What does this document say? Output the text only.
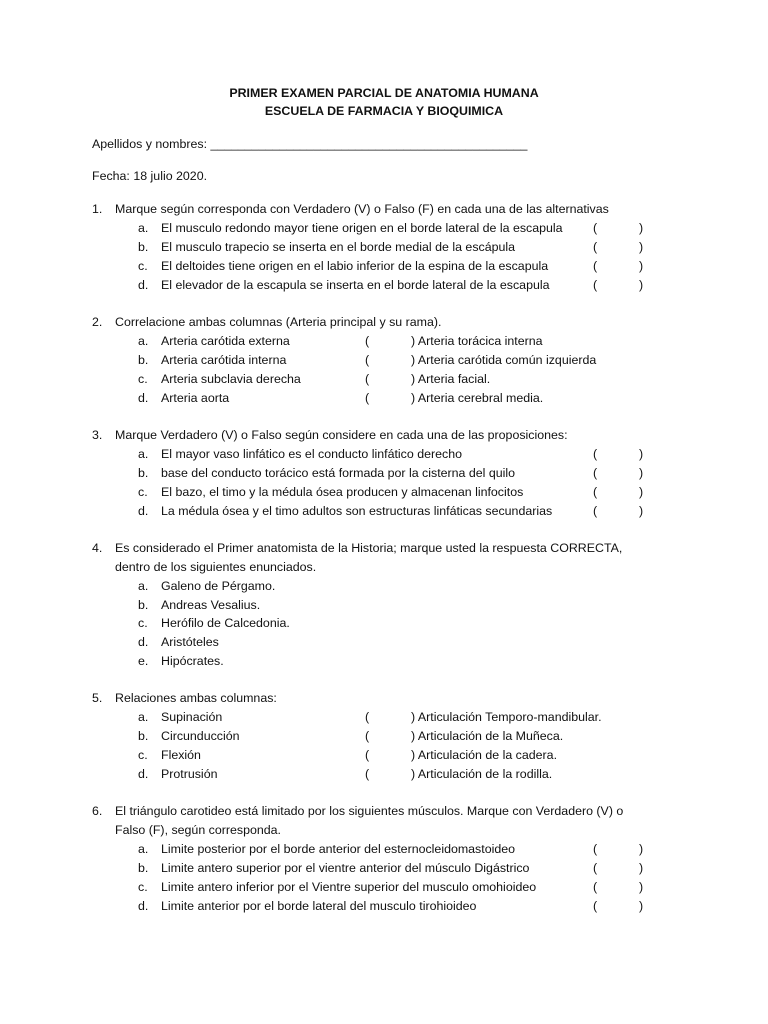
PRIMER EXAMEN PARCIAL DE ANATOMIA HUMANA
ESCUELA DE FARMACIA Y BIOQUIMICA
Apellidos y nombres: ______________________________________________
Fecha: 18 julio 2020.
1. Marque según corresponda con Verdadero (V) o Falso (F) en cada una de las alternativas
a. El musculo redondo mayor tiene origen en el borde lateral de la escapula (	)
b. El musculo trapecio se inserta en el borde medial de la escápula	(	)
c. El deltoides tiene origen en el labio inferior de la espina de la escapula	(	)
d. El elevador de la escapula se inserta en el borde lateral de la escapula	(	)
2. Correlacione ambas columnas (Arteria principal y su rama).
a. Arteria carótida externa	(	) Arteria torácica interna
b. Arteria carótida interna	(	) Arteria carótida común izquierda
c. Arteria subclavia derecha	(	) Arteria facial.
d. Arteria aorta	(	) Arteria cerebral media.
3. Marque Verdadero (V) o Falso según considere en cada una de las proposiciones:
a. El mayor vaso linfático es el conducto linfático derecho	(	)
b. base del conducto torácico está formada por la cisterna del quilo	(	)
c. El bazo, el timo y la médula ósea producen y almacenan linfocitos	(	)
d. La médula ósea y el timo adultos son estructuras linfáticas secundarias	(	)
4. Es considerado el Primer anatomista de la Historia; marque usted la respuesta CORRECTA,
dentro de los siguientes enunciados.
a. Galeno de Pérgamo.
b. Andreas Vesalius.
c. Herófilo de Calcedonia.
d. Aristóteles
e. Hipócrates.
5. Relaciones ambas columnas:
a. Supinación	(	) Articulación Temporo-mandibular.
b. Circunducción	(	) Articulación de la Muñeca.
c. Flexión	(	) Articulación de la cadera.
d. Protrusión	(	) Articulación de la rodilla.
6. El triángulo carotideo está limitado por los siguientes músculos. Marque con Verdadero (V) o
Falso (F), según corresponda.
a. Limite posterior por el borde anterior del esternocleidomastoideo	(	)
b. Limite antero superior por el vientre anterior del músculo Digástrico	(	)
c. Limite antero inferior por el Vientre superior del musculo omohioideo	(	)
d. Limite anterior por el borde lateral del musculo tirohioideo	(	)
